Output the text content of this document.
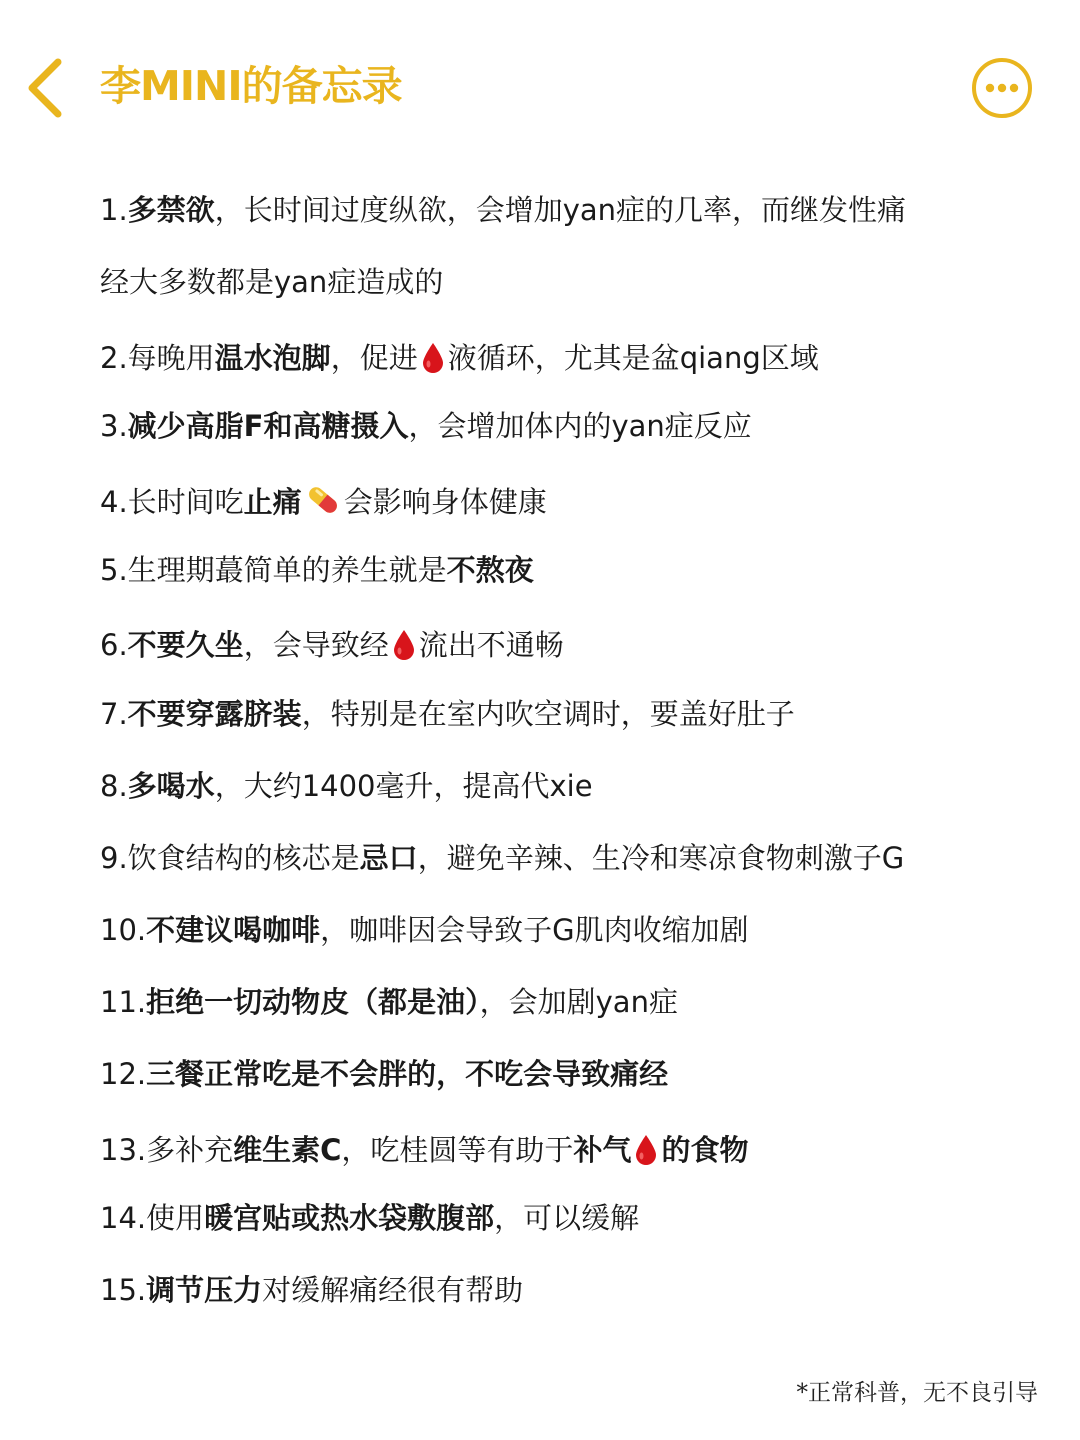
李MINI的备忘录
1.多禁欲，长时间过度纵欲，会增加yan症的几率，而继发性痛
经大多数都是yan症造成的
2.每晚用温水泡脚，促进 液循环，尤其是盆qiang区域
3.减少高脂F和高糖摄入，会增加体内的yan症反应
4.长时间吃止痛 会影响身体健康
5.生理期蕞简单的养生就是不熬夜
6.不要久坐，会导致经 流出不通畅
7.不要穿露脐装，特别是在室内吹空调时，要盖好肚子
8.多喝水，大约1400毫升，提高代xie
9.饮食结构的核芯是忌口，避免辛辣、生冷和寒凉食物刺激子G
10.不建议喝咖啡，咖啡因会导致子G肌肉收缩加剧
11.拒绝一切动物皮（都是油），会加剧yan症
12.三餐正常吃是不会胖的，不吃会导致痛经
13.多补充维生素C，吃桂圆等有助于补气 的食物
14.使用暖宫贴或热水袋敷腹部，可以缓解
15.调节压力对缓解痛经很有帮助
*正常科普，无不良引导
